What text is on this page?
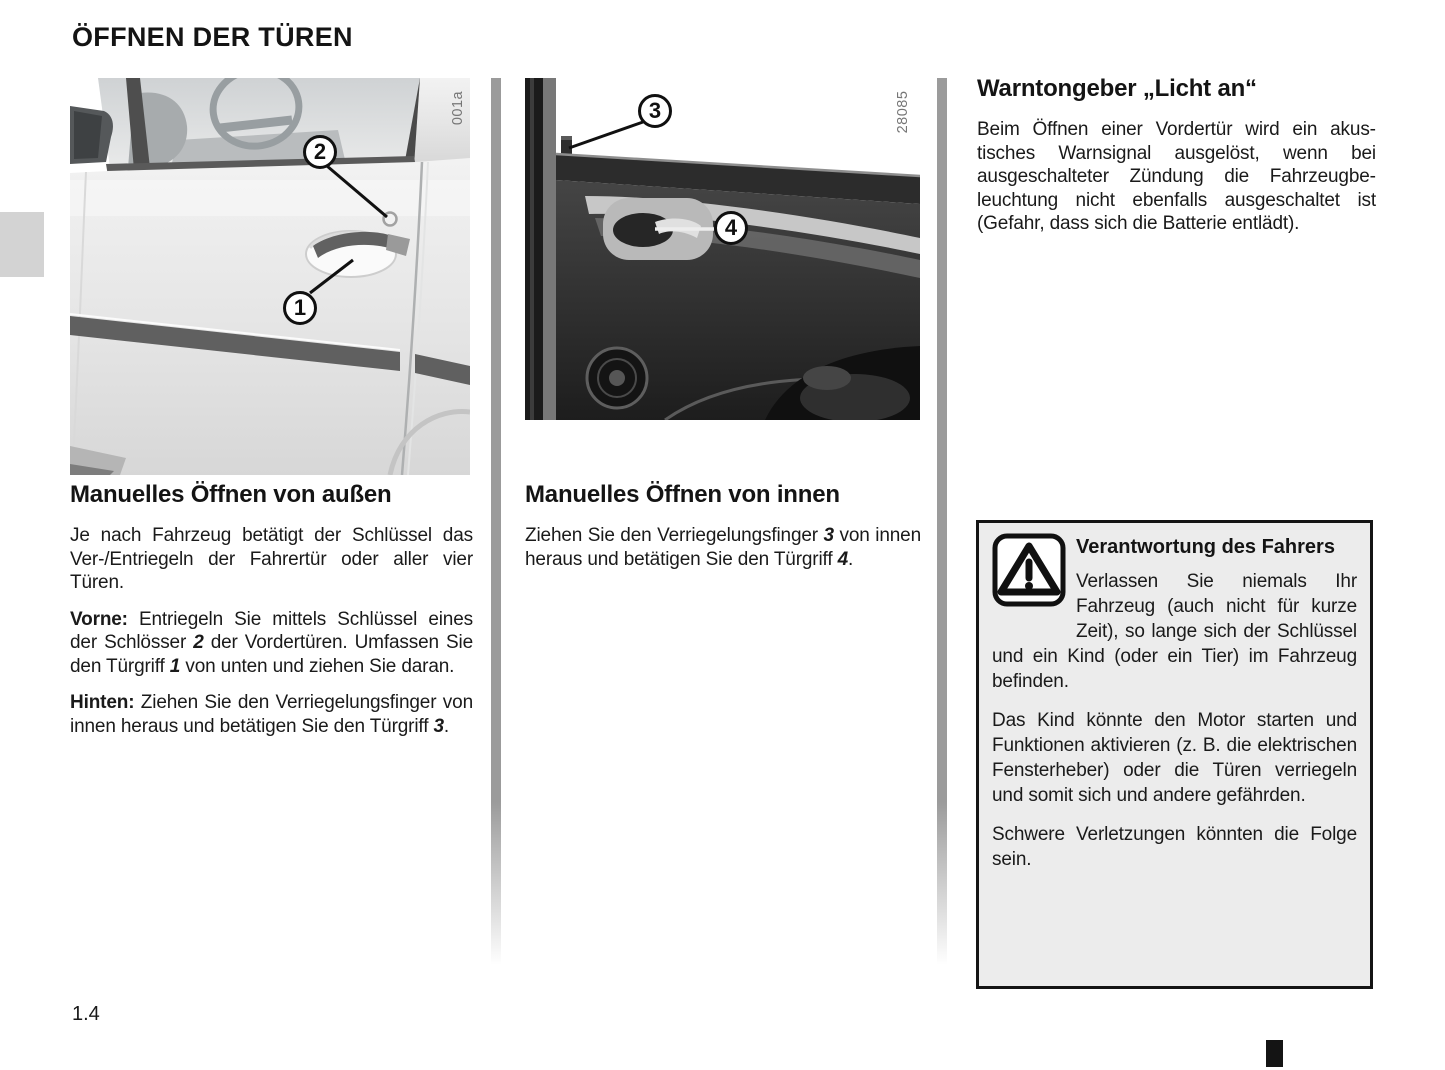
ÖFFNEN DER TÜREN
2
1
001a	3
4
28085
Manuelles Öffnen von außen

Je nach Fahrzeug betätigt der Schlüssel das Ver-/Entriegeln der Fahrertür oder aller vier Türen.

Vorne: Entriegeln Sie mittels Schlüssel eines der Schlösser 2 der Vordertüren. Umfassen Sie den Türgriff 1 von unten und ziehen Sie daran.

Hinten: Ziehen Sie den Verriegelungsfinger von innen heraus und betätigen Sie den Türgriff 3.

Manuelles Öffnen von innen

Ziehen Sie den Verriegelungsfinger 3 von innen heraus und betätigen Sie den Türgriff 4.

Warntongeber „Licht an“

Beim Öffnen einer Vordertür wird ein akustisches Warnsignal ausgelöst, wenn bei ausgeschalteter Zündung die Fahrzeugbeleuchtung nicht ebenfalls ausgeschaltet ist (Gefahr, dass sich die Batterie entlädt).

Verantwortung des Fahrers

Verlassen Sie niemals Ihr Fahrzeug (auch nicht für kurze Zeit), so lange sich der Schlüssel und ein Kind (oder ein Tier) im Fahrzeug befinden.

Das Kind könnte den Motor starten und Funktionen aktivieren (z. B. die elektrischen Fensterheber) oder die Türen verriegeln und somit sich und andere gefährden.

Schwere Verletzungen könnten die Folge sein.

1.4
